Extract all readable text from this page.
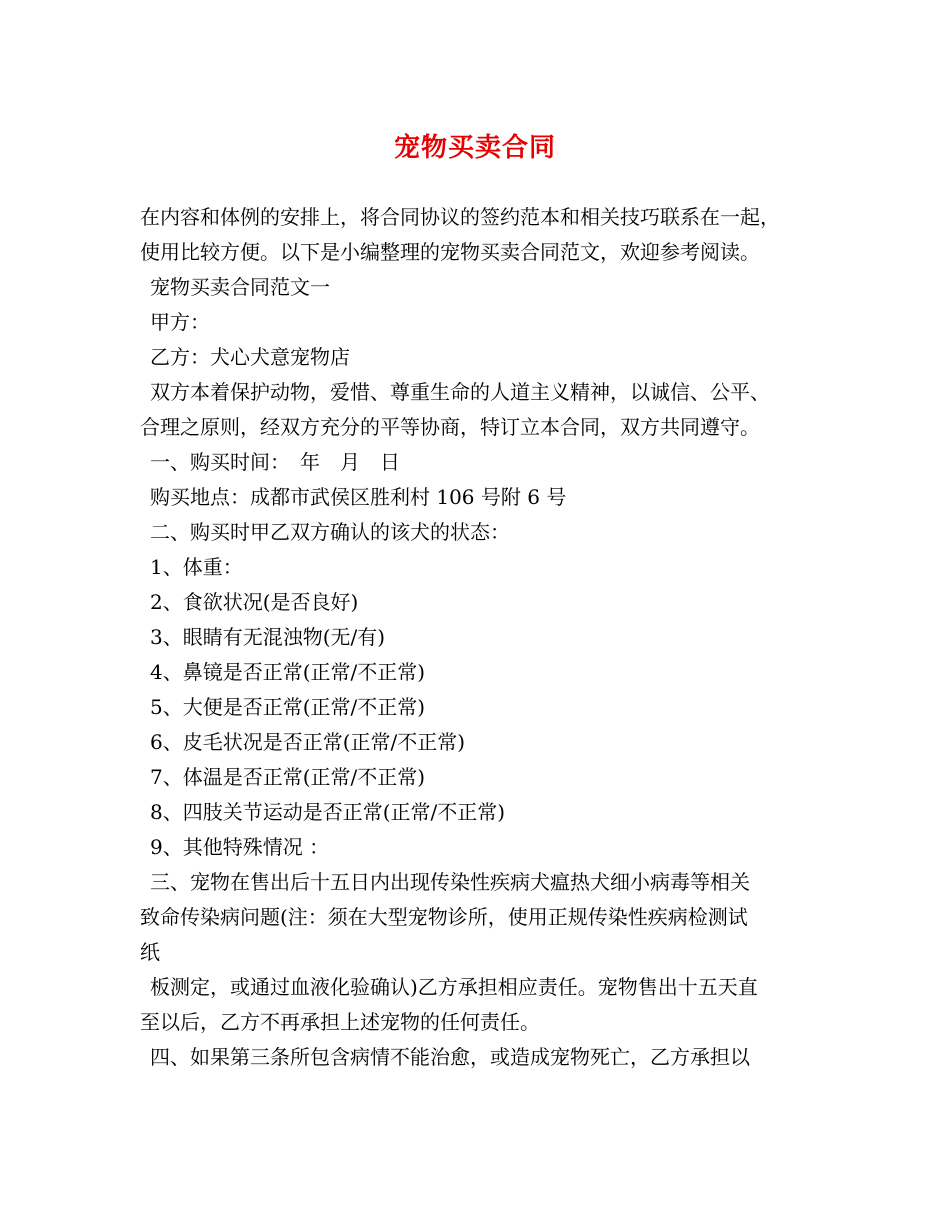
宠物买卖合同

在内容和体例的安排上，将合同协议的签约范本和相关技巧联系在一起，

使用比较方便。以下是小编整理的宠物买卖合同范文，欢迎参考阅读。

宠物买卖合同范文一

甲方：

乙方：犬心犬意宠物店

双方本着保护动物，爱惜、尊重生命的人道主义精神，以诚信、公平、

合理之原则，经双方充分的平等协商，特订立本合同，双方共同遵守。

一、购买时间：　年　月　日

购买地点：成都市武侯区胜利村 106 号附 6 号

二、购买时甲乙双方确认的该犬的状态：

1、体重：

2、食欲状况(是否良好)

3、眼睛有无混浊物(无/有)

4、鼻镜是否正常(正常/不正常)

5、大便是否正常(正常/不正常)

6、皮毛状况是否正常(正常/不正常)

7、体温是否正常(正常/不正常)

8、四肢关节运动是否正常(正常/不正常)

9、其他特殊情况 ：

三、宠物在售出后十五日内出现传染性疾病犬瘟热犬细小病毒等相关

致命传染病问题(注：须在大型宠物诊所，使用正规传染性疾病检测试

纸

板测定，或通过血液化验确认)乙方承担相应责任。宠物售出十五天直

至以后，乙方不再承担上述宠物的任何责任。

四、如果第三条所包含病情不能治愈，或造成宠物死亡，乙方承担以
